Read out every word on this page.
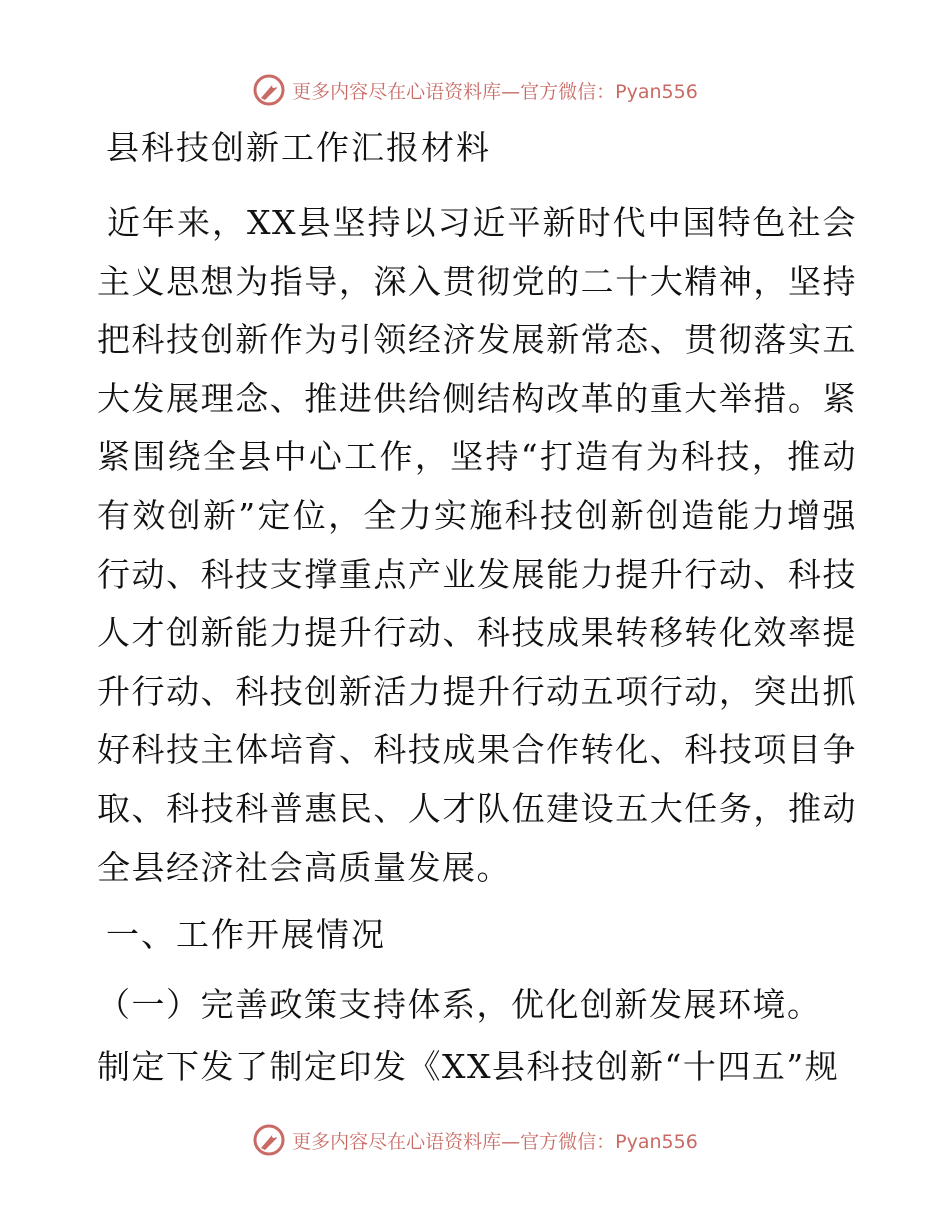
更多内容尽在心语资料库—官方微信：Pyan556
县科技创新工作汇报材料

近年来，XX县坚持以习近平新时代中国特色社会主义思想为指导，深入贯彻党的二十大精神，坚持把科技创新作为引领经济发展新常态、贯彻落实五大发展理念、推进供给侧结构改革的重大举措。紧紧围绕全县中心工作，坚持“打造有为科技，推动有效创新”定位，全力实施科技创新创造能力增强行动、科技支撑重点产业发展能力提升行动、科技人才创新能力提升行动、科技成果转移转化效率提升行动、科技创新活力提升行动五项行动，突出抓好科技主体培育、科技成果合作转化、科技项目争取、科技科普惠民、人才队伍建设五大任务，推动全县经济社会高质量发展。

一、工作开展情况
（一）完善政策支持体系，优化创新发展环境。

制定下发了制定印发《XX县科技创新“十四五”规

更多内容尽在心语资料库—官方微信：Pyan556
